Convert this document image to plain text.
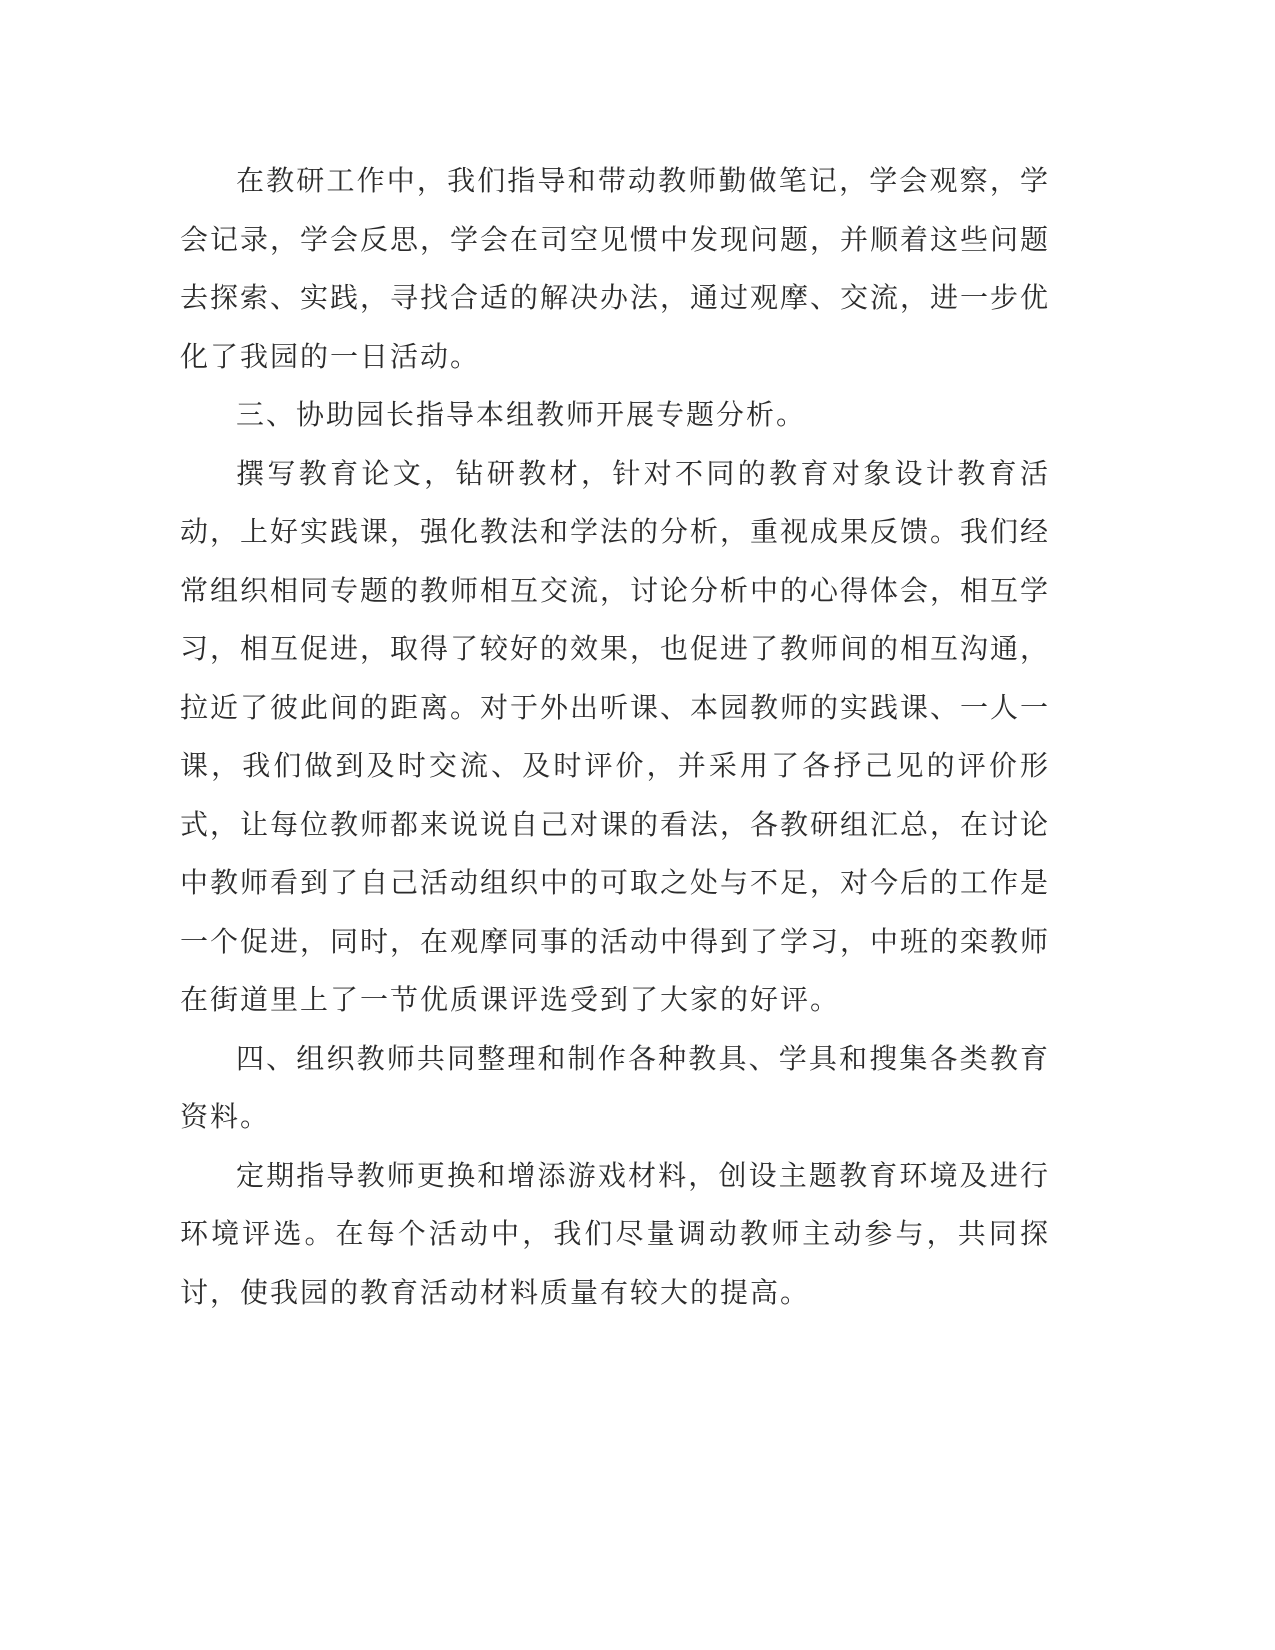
在教研工作中，我们指导和带动教师勤做笔记，学会观察，学会记录，学会反思，学会在司空见惯中发现问题，并顺着这些问题去探索、实践，寻找合适的解决办法，通过观摩、交流，进一步优化了我园的一日活动。

三、协助园长指导本组教师开展专题分析。

撰写教育论文，钻研教材，针对不同的教育对象设计教育活动，上好实践课，强化教法和学法的分析，重视成果反馈。我们经常组织相同专题的教师相互交流，讨论分析中的心得体会，相互学习，相互促进，取得了较好的效果，也促进了教师间的相互沟通，拉近了彼此间的距离。对于外出听课、本园教师的实践课、一人一课，我们做到及时交流、及时评价，并采用了各抒己见的评价形式，让每位教师都来说说自己对课的看法，各教研组汇总，在讨论中教师看到了自己活动组织中的可取之处与不足，对今后的工作是一个促进，同时，在观摩同事的活动中得到了学习，中班的栾教师在街道里上了一节优质课评选受到了大家的好评。

四、组织教师共同整理和制作各种教具、学具和搜集各类教育资料。

定期指导教师更换和增添游戏材料，创设主题教育环境及进行环境评选。在每个活动中，我们尽量调动教师主动参与，共同探讨，使我园的教育活动材料质量有较大的提高。
